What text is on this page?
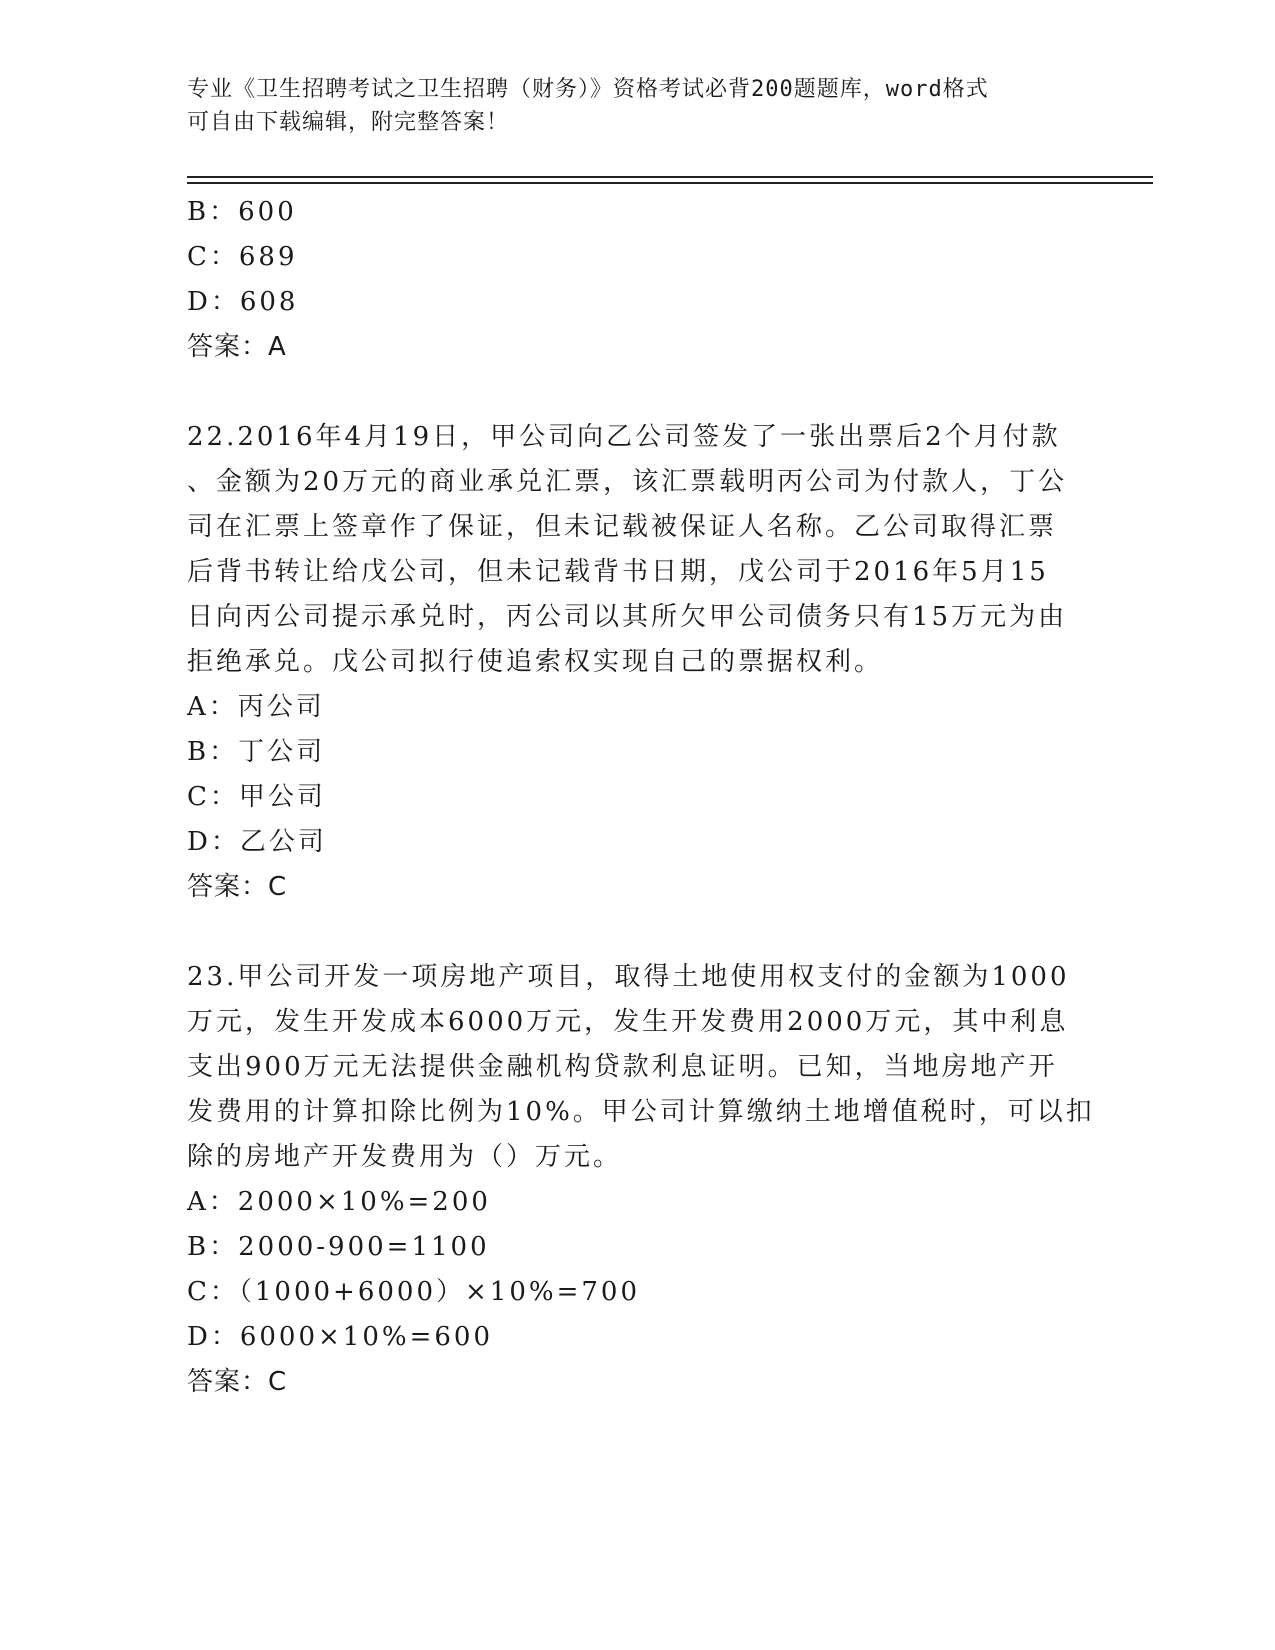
专业《卫生招聘考试之卫生招聘（财务）》资格考试必背200题题库，word格式
可自由下载编辑，附完整答案！
B：600
C：689
D：608
答案：A
22.2016年4月19日，甲公司向乙公司签发了一张出票后2个月付款
、金额为20万元的商业承兑汇票，该汇票载明丙公司为付款人，丁公
司在汇票上签章作了保证，但未记载被保证人名称。乙公司取得汇票
后背书转让给戊公司，但未记载背书日期，戊公司于2016年5月15
日向丙公司提示承兑时，丙公司以其所欠甲公司债务只有15万元为由
拒绝承兑。戊公司拟行使追索权实现自己的票据权利。
A：丙公司
B：丁公司
C：甲公司
D：乙公司
答案：C
23.甲公司开发一项房地产项目，取得土地使用权支付的金额为1000
万元，发生开发成本6000万元，发生开发费用2000万元，其中利息
支出900万元无法提供金融机构贷款利息证明。已知，当地房地产开
发费用的计算扣除比例为10%。甲公司计算缴纳土地增值税时，可以扣
除的房地产开发费用为（）万元。
A：2000×10%=200
B：2000-900=1100
C：（1000+6000）×10%=700
D：6000×10%=600
答案：C
